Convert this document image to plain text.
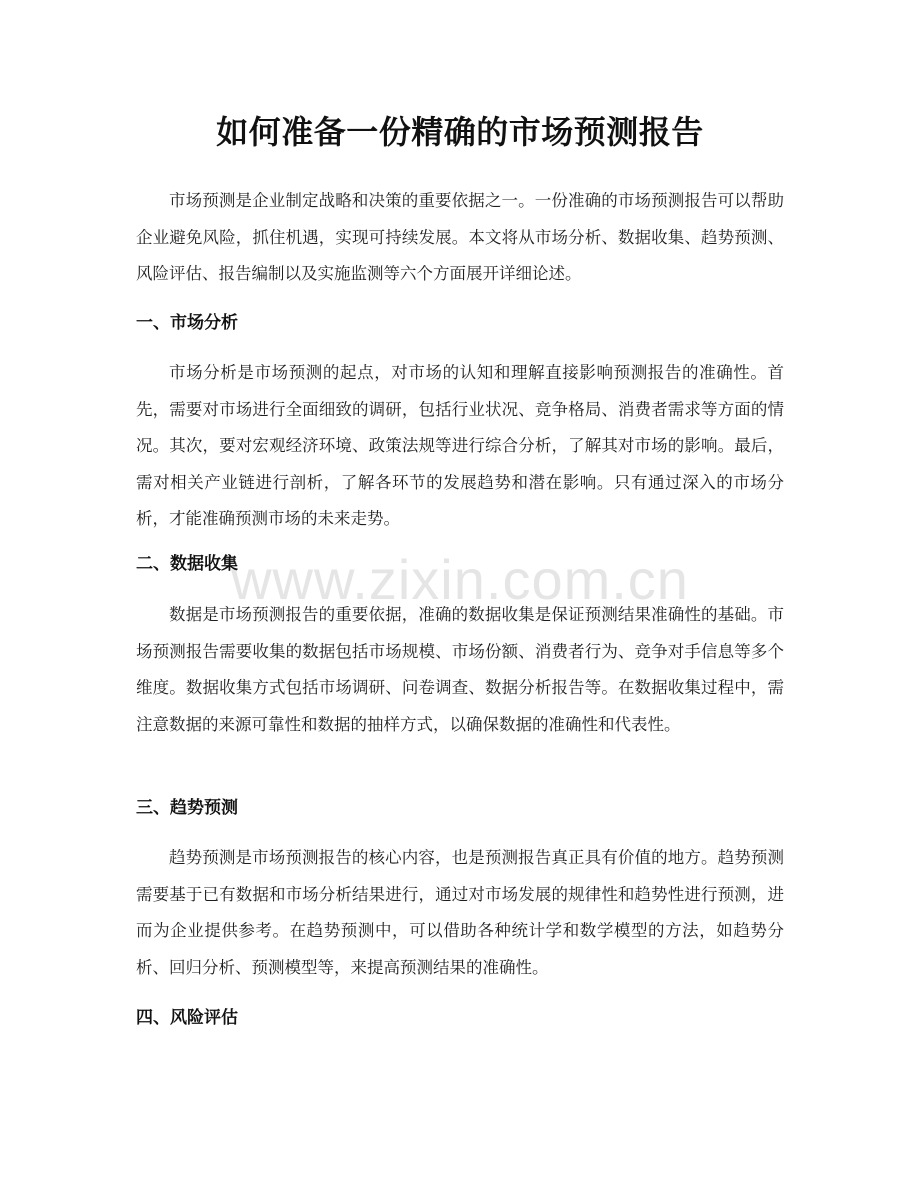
如何准备一份精确的市场预测报告

市场预测是企业制定战略和决策的重要依据之一。一份准确的市场预测报告可以帮助企业避免风险，抓住机遇，实现可持续发展。本文将从市场分析、数据收集、趋势预测、风险评估、报告编制以及实施监测等六个方面展开详细论述。

一、市场分析

市场分析是市场预测的起点，对市场的认知和理解直接影响预测报告的准确性。首先，需要对市场进行全面细致的调研，包括行业状况、竞争格局、消费者需求等方面的情况。其次，要对宏观经济环境、政策法规等进行综合分析，了解其对市场的影响。最后，需对相关产业链进行剖析，了解各环节的发展趋势和潜在影响。只有通过深入的市场分析，才能准确预测市场的未来走势。

二、数据收集

数据是市场预测报告的重要依据，准确的数据收集是保证预测结果准确性的基础。市场预测报告需要收集的数据包括市场规模、市场份额、消费者行为、竞争对手信息等多个维度。数据收集方式包括市场调研、问卷调查、数据分析报告等。在数据收集过程中，需注意数据的来源可靠性和数据的抽样方式，以确保数据的准确性和代表性。

三、趋势预测

趋势预测是市场预测报告的核心内容，也是预测报告真正具有价值的地方。趋势预测需要基于已有数据和市场分析结果进行，通过对市场发展的规律性和趋势性进行预测，进而为企业提供参考。在趋势预测中，可以借助各种统计学和数学模型的方法，如趋势分析、回归分析、预测模型等，来提高预测结果的准确性。

四、风险评估
www.zixin.com.cn
